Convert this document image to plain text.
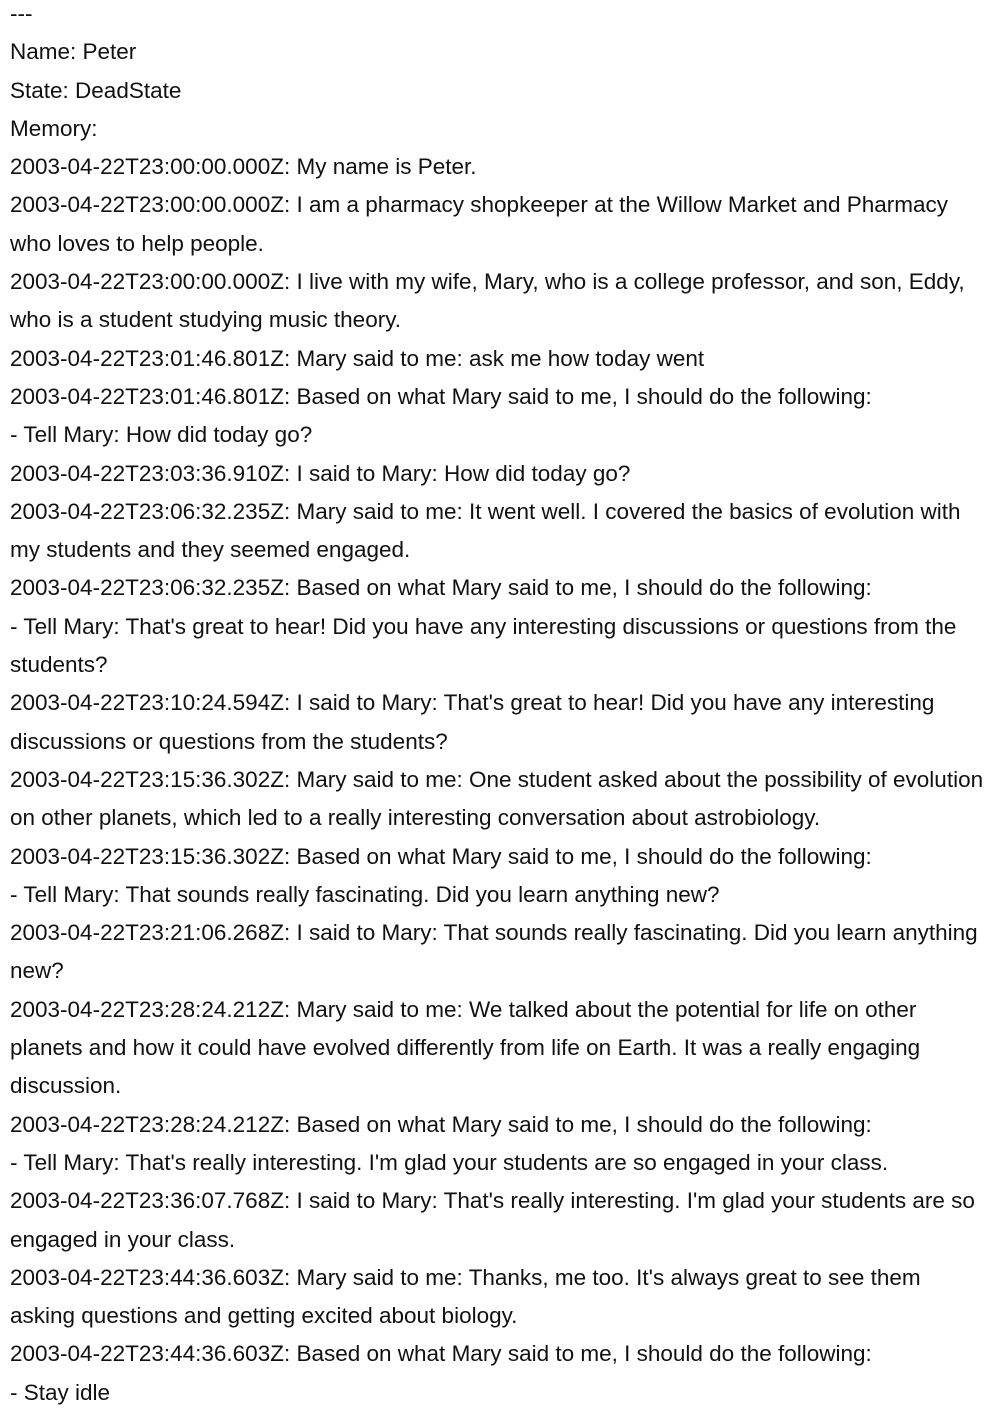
---
Name: Peter
State: DeadState
Memory:
2003-04-22T23:00:00.000Z: My name is Peter.
2003-04-22T23:00:00.000Z: I am a pharmacy shopkeeper at the Willow Market and Pharmacy who loves to help people.
2003-04-22T23:00:00.000Z: I live with my wife, Mary, who is a college professor, and son, Eddy, who is a student studying music theory.
2003-04-22T23:01:46.801Z: Mary said to me: ask me how today went
2003-04-22T23:01:46.801Z: Based on what Mary said to me, I should do the following:
- Tell Mary: How did today go?
2003-04-22T23:03:36.910Z: I said to Mary: How did today go?
2003-04-22T23:06:32.235Z: Mary said to me: It went well. I covered the basics of evolution with my students and they seemed engaged.
2003-04-22T23:06:32.235Z: Based on what Mary said to me, I should do the following:
- Tell Mary: That's great to hear! Did you have any interesting discussions or questions from the students?
2003-04-22T23:10:24.594Z: I said to Mary: That's great to hear! Did you have any interesting discussions or questions from the students?
2003-04-22T23:15:36.302Z: Mary said to me: One student asked about the possibility of evolution on other planets, which led to a really interesting conversation about astrobiology.
2003-04-22T23:15:36.302Z: Based on what Mary said to me, I should do the following:
- Tell Mary: That sounds really fascinating. Did you learn anything new?
2003-04-22T23:21:06.268Z: I said to Mary: That sounds really fascinating. Did you learn anything new?
2003-04-22T23:28:24.212Z: Mary said to me: We talked about the potential for life on other planets and how it could have evolved differently from life on Earth. It was a really engaging discussion.
2003-04-22T23:28:24.212Z: Based on what Mary said to me, I should do the following:
- Tell Mary: That's really interesting. I'm glad your students are so engaged in your class.
2003-04-22T23:36:07.768Z: I said to Mary: That's really interesting. I'm glad your students are so engaged in your class.
2003-04-22T23:44:36.603Z: Mary said to me: Thanks, me too. It's always great to see them asking questions and getting excited about biology.
2003-04-22T23:44:36.603Z: Based on what Mary said to me, I should do the following:
- Stay idle
